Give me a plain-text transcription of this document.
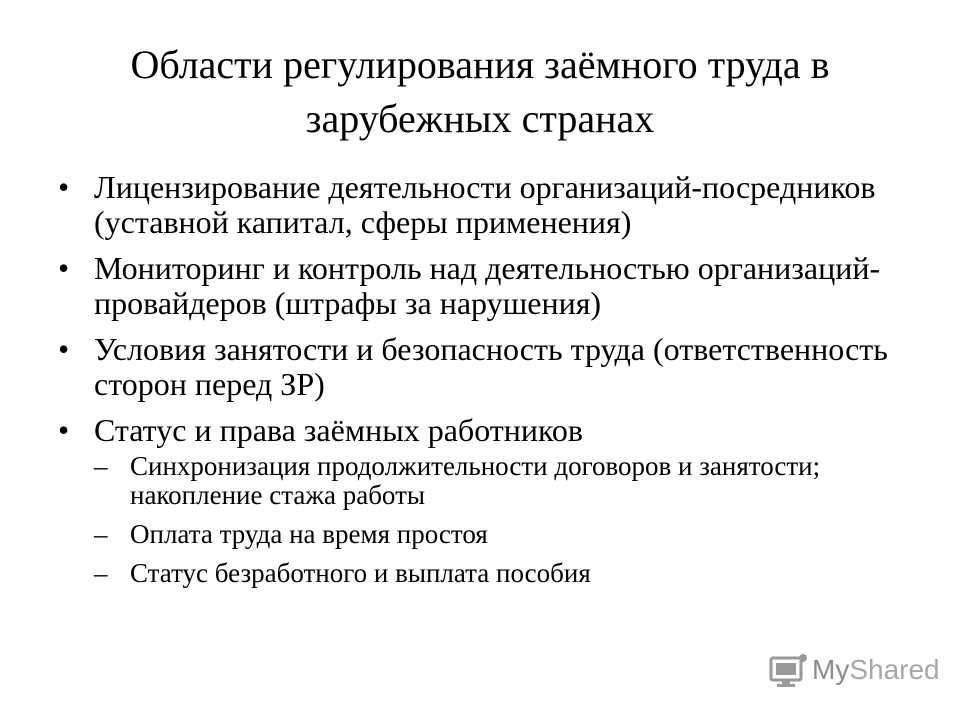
Области регулирования заёмного труда в зарубежных странах
• Лицензирование деятельности организаций-посредников (уставной капитал, сферы применения)
• Мониторинг и контроль над деятельностью организаций-провайдеров (штрафы за нарушения)
• Условия занятости и безопасность труда (ответственность сторон перед ЗР)
• Статус и права заёмных работников
– Синхронизация продолжительности договоров и занятости; накопление стажа работы
– Оплата труда на время простоя
– Статус безработного и выплата пособия
MyShared
